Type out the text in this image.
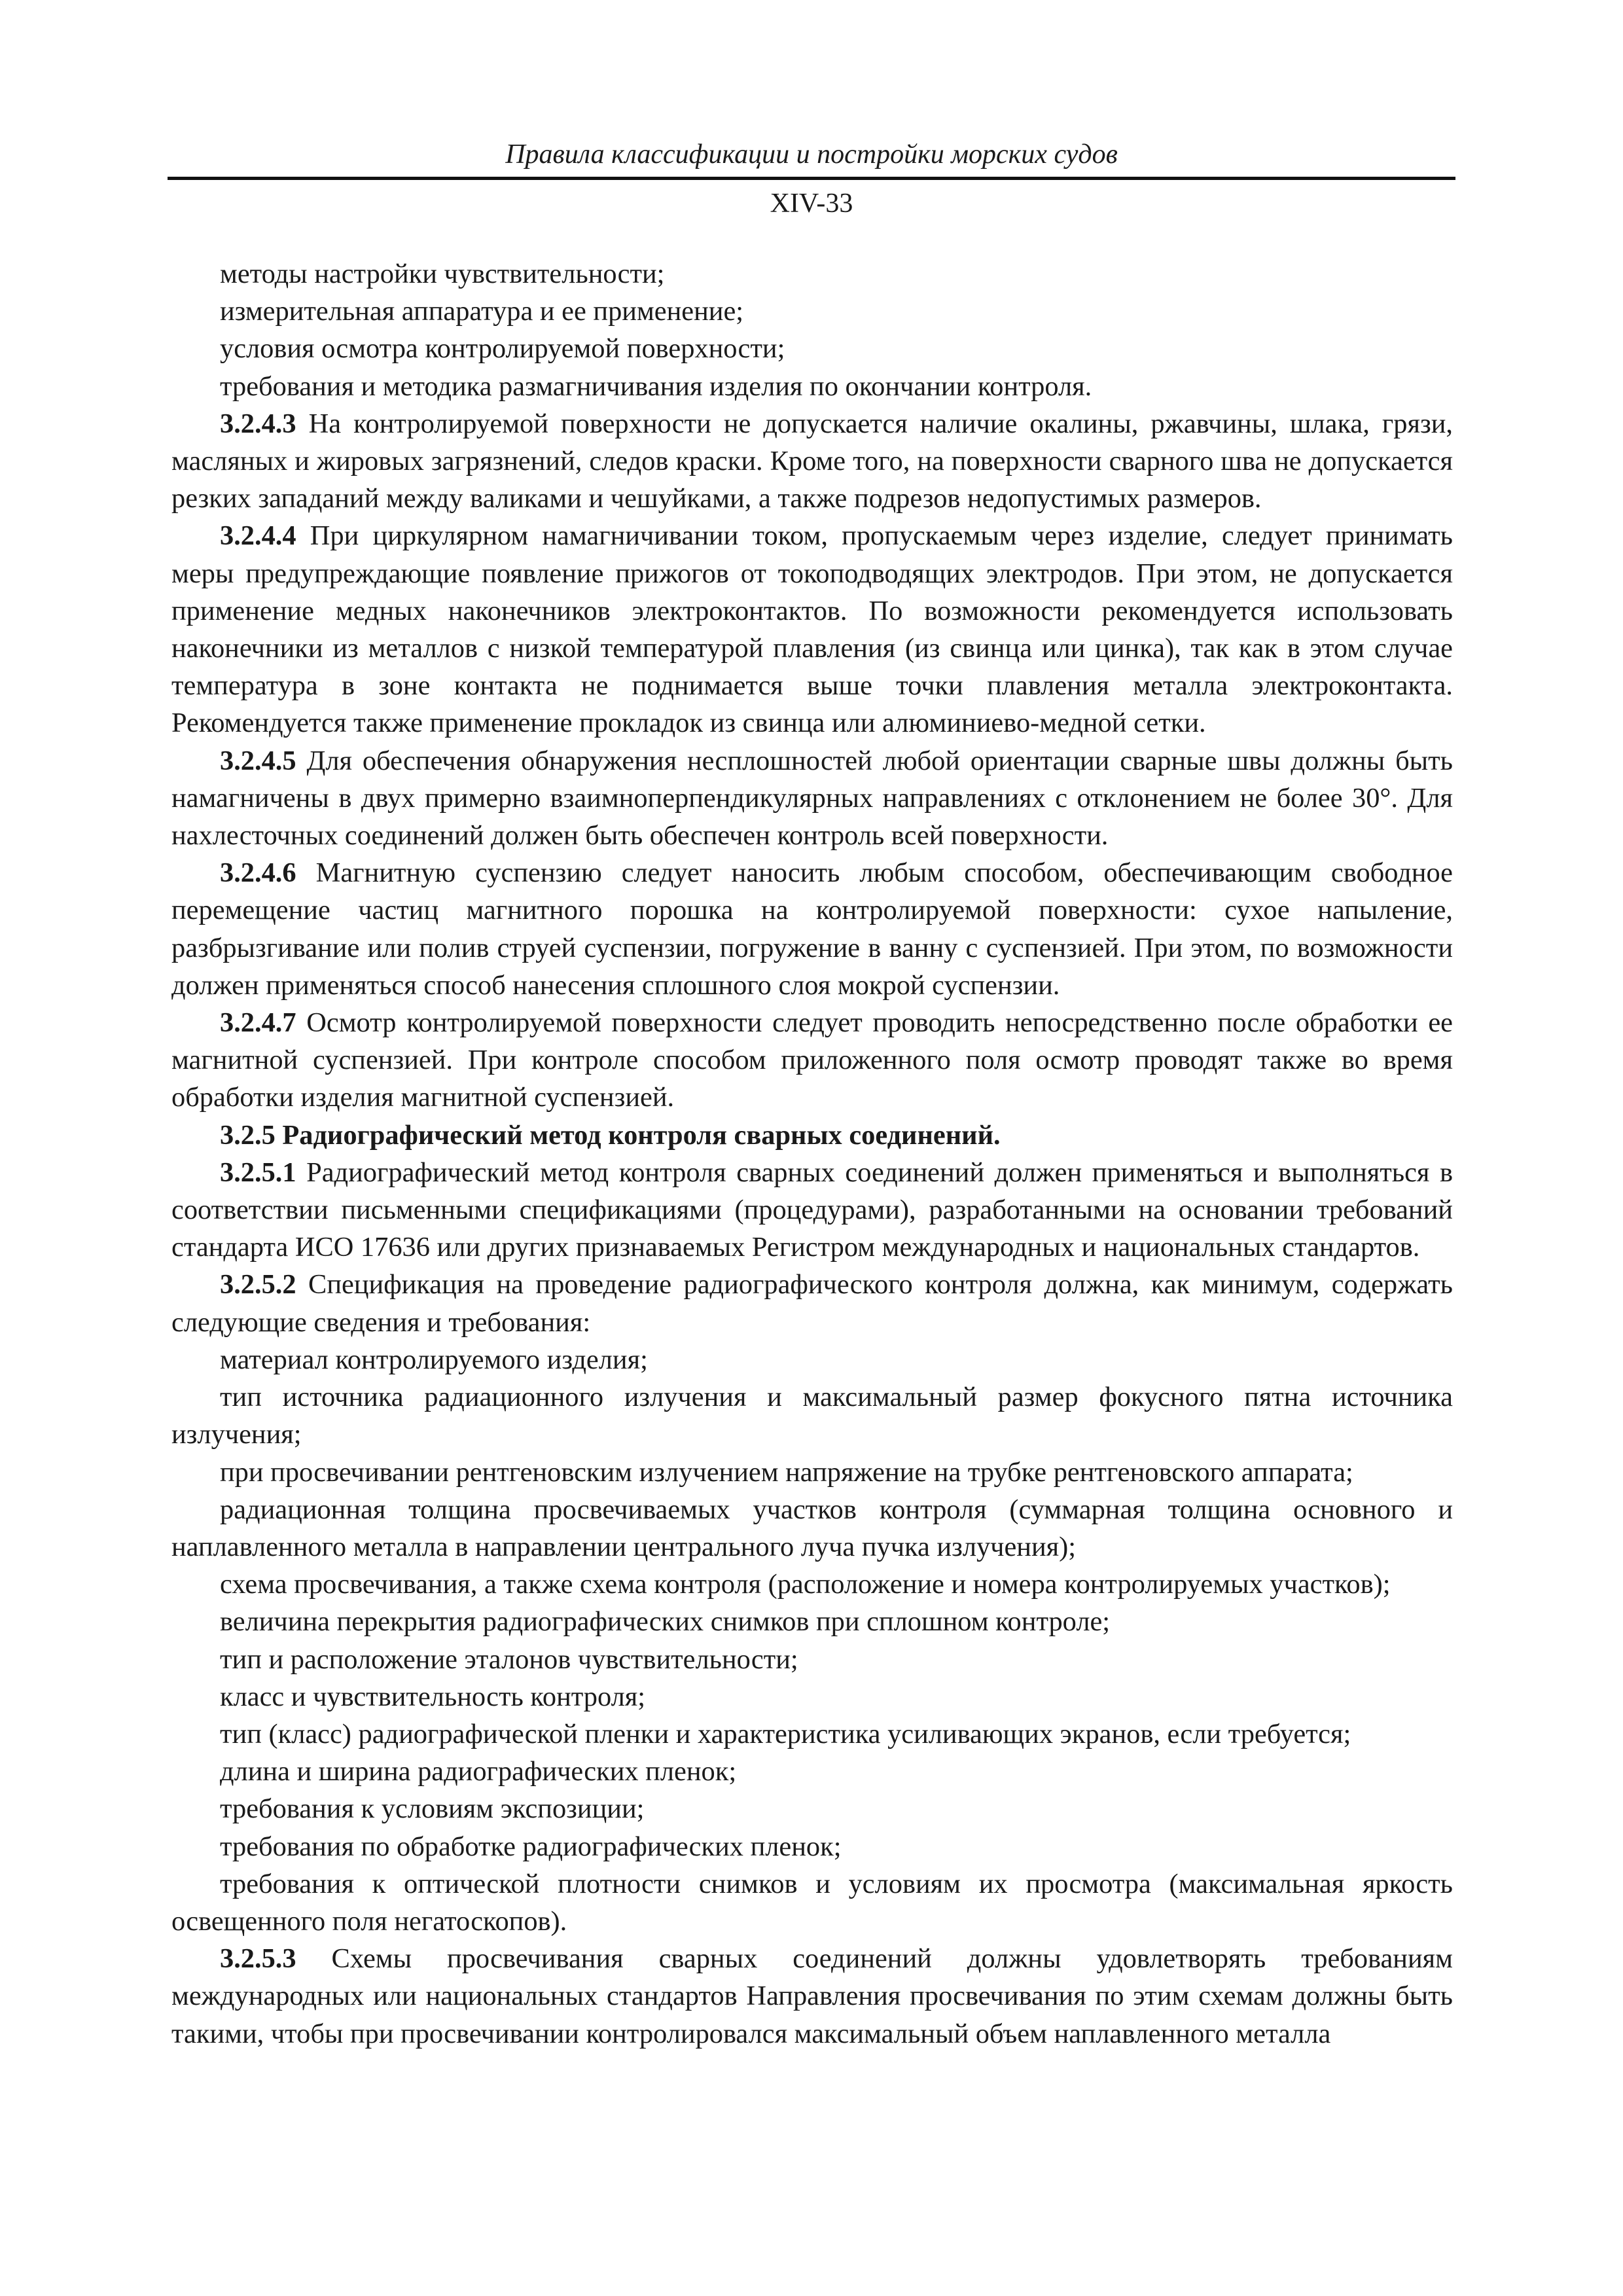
Правила классификации и постройки морских судов
XIV-33

методы настройки чувствительности;

измерительная аппаратура и ее применение;

условия осмотра контролируемой поверхности;

требования и методика размагничивания изделия по окончании контроля.

3.2.4.3 На контролируемой поверхности не допускается наличие окалины, ржавчины, шлака, грязи, масляных и жировых загрязнений, следов краски. Кроме того, на поверхности сварного шва не допускается резких западаний между валиками и чешуйками, а также подрезов недопустимых размеров.

3.2.4.4 При циркулярном намагничивании током, пропускаемым через изделие, следует принимать меры предупреждающие появление прижогов от токоподводящих электродов. При этом, не допускается применение медных наконечников электроконтактов. По возможности рекомендуется использовать наконечники из металлов с низкой температурой плавления (из свинца или цинка), так как в этом случае температура в зоне контакта не поднимается выше точки плавления металла электроконтакта. Рекомендуется также применение прокладок из свинца или алюминиево-медной сетки.

3.2.4.5 Для обеспечения обнаружения несплошностей любой ориентации сварные швы должны быть намагничены в двух примерно взаимноперпендикулярных направлениях с отклонением не более 30°. Для нахлесточных соединений должен быть обеспечен контроль всей поверхности.

3.2.4.6 Магнитную суспензию следует наносить любым способом, обеспечивающим свободное перемещение частиц магнитного порошка на контролируемой поверхности: сухое напыление, разбрызгивание или полив струей суспензии, погружение в ванну с суспензией. При этом, по возможности должен применяться способ нанесения сплошного слоя мокрой суспензии.

3.2.4.7 Осмотр контролируемой поверхности следует проводить непосредственно после обработки ее магнитной суспензией. При контроле способом приложенного поля осмотр проводят также во время обработки изделия магнитной суспензией.

3.2.5 Радиографический метод контроля сварных соединений.

3.2.5.1 Радиографический метод контроля сварных соединений должен применяться и выполняться в соответствии письменными спецификациями (процедурами), разработанными на основании требований стандарта ИСО 17636 или других признаваемых Регистром международных и национальных стандартов.

3.2.5.2 Спецификация на проведение радиографического контроля должна, как минимум, содержать следующие сведения и требования:

материал контролируемого изделия;

тип источника радиационного излучения и максимальный размер фокусного пятна источника излучения;

при просвечивании рентгеновским излучением напряжение на трубке рентгеновского аппарата;

радиационная толщина просвечиваемых участков контроля (суммарная толщина основного и наплавленного металла в направлении центрального луча пучка излучения);

схема просвечивания, а также схема контроля (расположение и номера контролируемых участков);

величина перекрытия радиографических снимков при сплошном контроле;

тип и расположение эталонов чувствительности;

класс и чувствительность контроля;

тип (класс) радиографической пленки и характеристика усиливающих экранов, если требуется;

длина и ширина радиографических пленок;

требования к условиям экспозиции;

требования по обработке радиографических пленок;

требования к оптической плотности снимков и условиям их просмотра (максимальная яркость освещенного поля негатоскопов).

3.2.5.3 Схемы просвечивания сварных соединений должны удовлетворять требованиям международных или национальных стандартов Направления просвечивания по этим схемам должны быть такими, чтобы при просвечивании контролировался максимальный объем наплавленного металла
